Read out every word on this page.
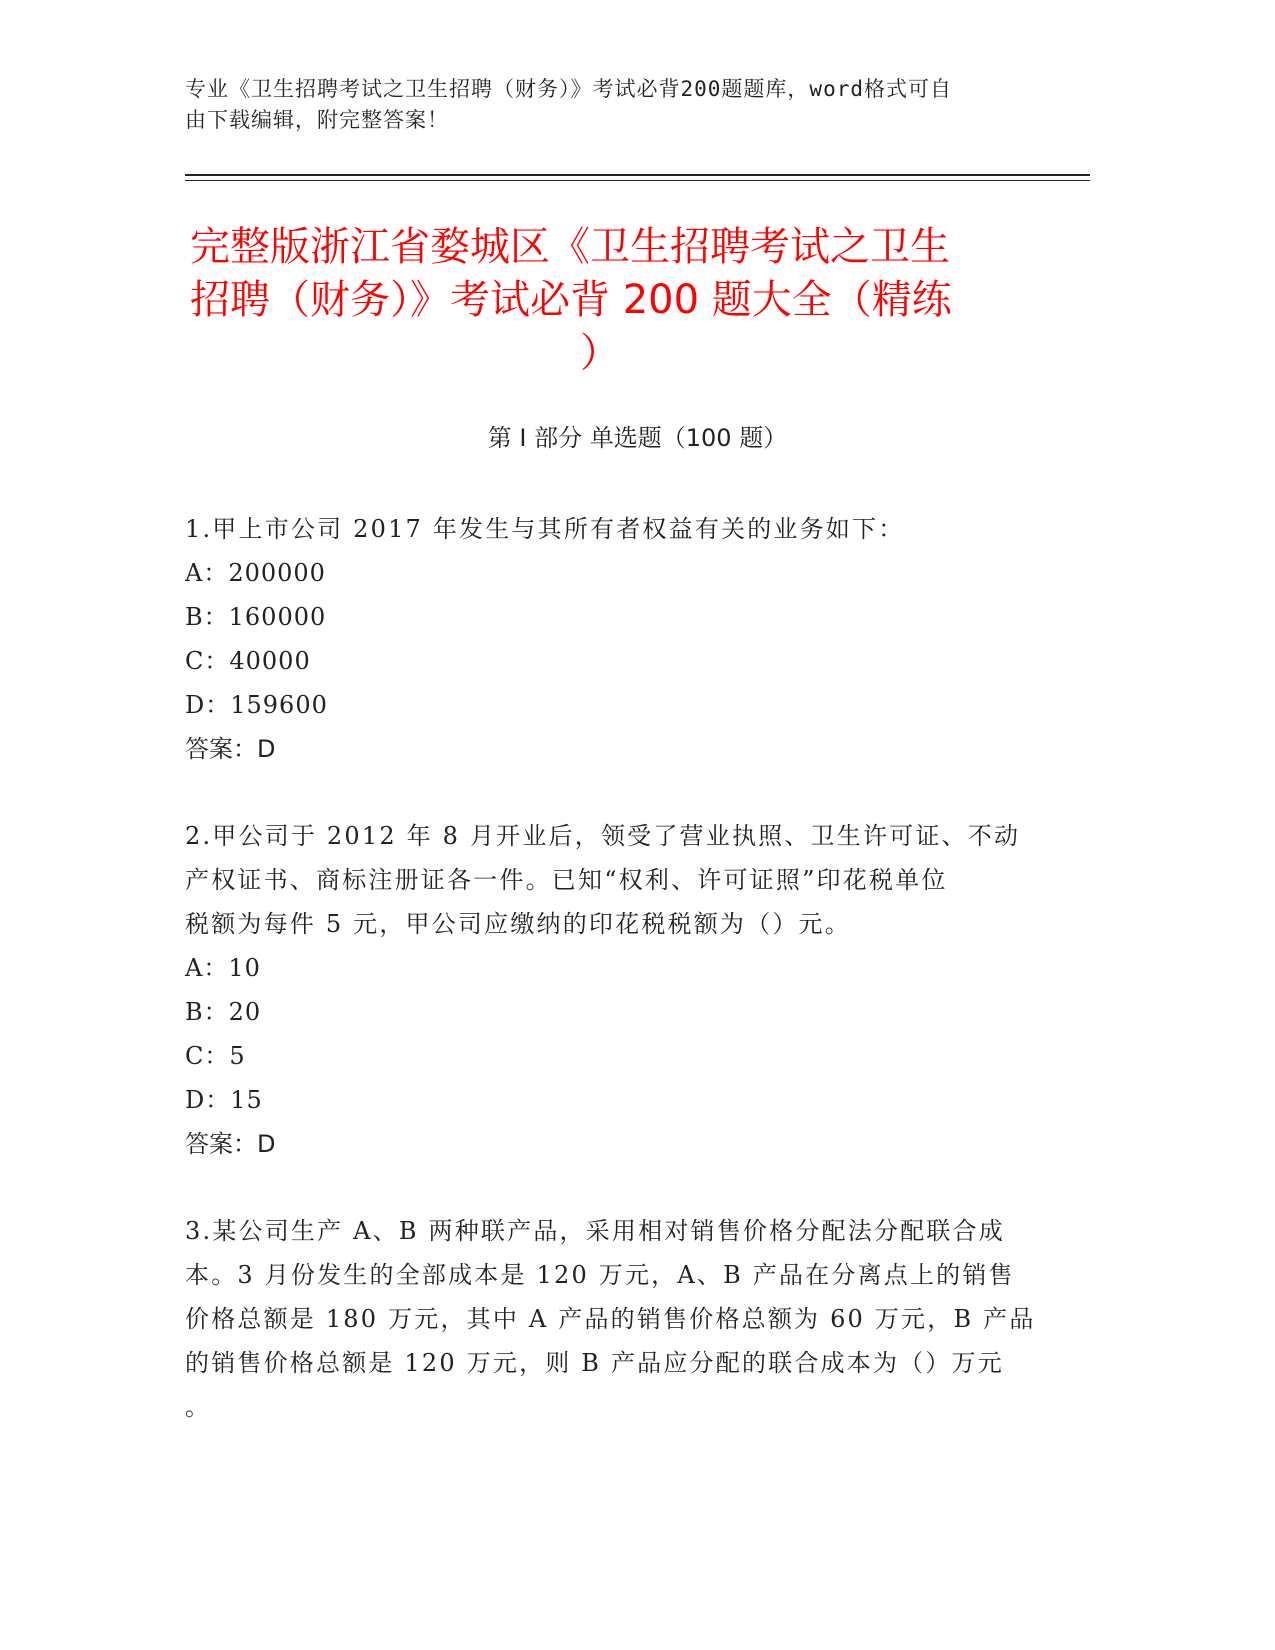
专业《卫生招聘考试之卫生招聘（财务）》考试必背200题题库，word格式可自
由下载编辑，附完整答案！
完整版浙江省婺城区《卫生招聘考试之卫生
招聘（财务）》考试必背 200 题大全（精练
）
第 I 部分 单选题（100 题）
1.甲上市公司 2017 年发生与其所有者权益有关的业务如下：
A：200000
B：160000
C：40000
D：159600
答案：D
2.甲公司于 2012 年 8 月开业后，领受了营业执照、卫生许可证、不动
产权证书、商标注册证各一件。已知“权利、许可证照”印花税单位
税额为每件 5 元，甲公司应缴纳的印花税税额为（）元。
A：10
B：20
C：5
D：15
答案：D
3.某公司生产 A、B 两种联产品，采用相对销售价格分配法分配联合成
本。3 月份发生的全部成本是 120 万元，A、B 产品在分离点上的销售
价格总额是 180 万元，其中 A 产品的销售价格总额为 60 万元，B 产品
的销售价格总额是 120 万元，则 B 产品应分配的联合成本为（）万元
。
